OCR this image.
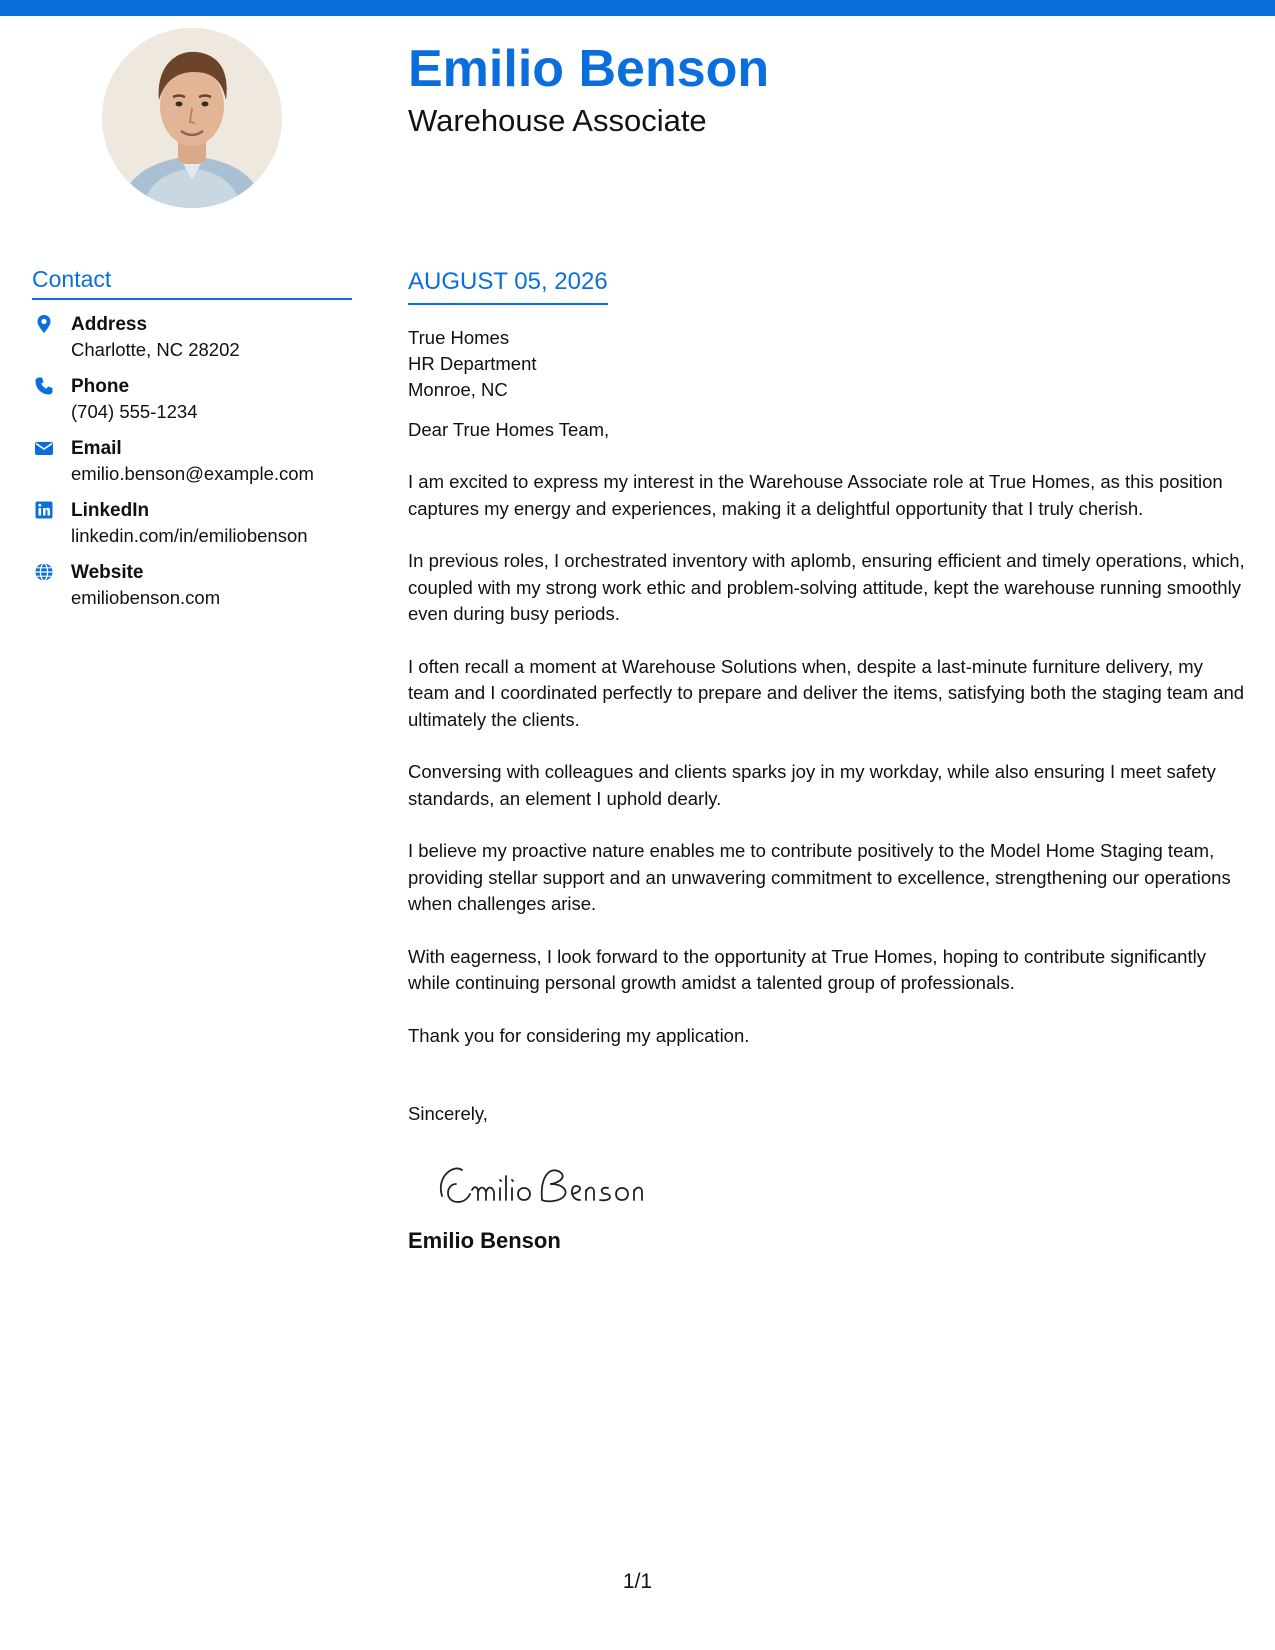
Emilio Benson
Warehouse Associate
Contact
Address
Charlotte, NC 28202
Phone
(704) 555-1234
Email
emilio.benson@example.com
LinkedIn
linkedin.com/in/emiliobenson
Website
emiliobenson.com
AUGUST 05, 2026
True Homes
HR Department
Monroe, NC
Dear True Homes Team,
I am excited to express my interest in the Warehouse Associate role at True Homes, as this position captures my energy and experiences, making it a delightful opportunity that I truly cherish.
In previous roles, I orchestrated inventory with aplomb, ensuring efficient and timely operations, which, coupled with my strong work ethic and problem-solving attitude, kept the warehouse running smoothly even during busy periods.
I often recall a moment at Warehouse Solutions when, despite a last-minute furniture delivery, my team and I coordinated perfectly to prepare and deliver the items, satisfying both the staging team and ultimately the clients.
Conversing with colleagues and clients sparks joy in my workday, while also ensuring I meet safety standards, an element I uphold dearly.
I believe my proactive nature enables me to contribute positively to the Model Home Staging team, providing stellar support and an unwavering commitment to excellence, strengthening our operations when challenges arise.
With eagerness, I look forward to the opportunity at True Homes, hoping to contribute significantly while continuing personal growth amidst a talented group of professionals.
Thank you for considering my application.
Sincerely,
Emilio Benson
1/1
